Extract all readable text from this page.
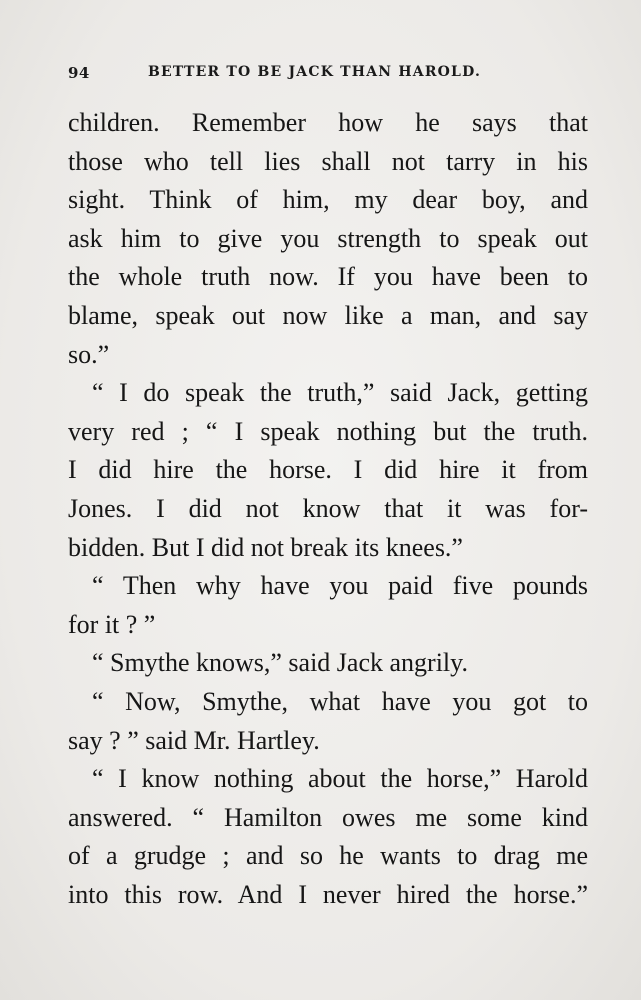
94	BETTER TO BE JACK THAN HAROLD.
children. Remember how he says that
those who tell lies shall not tarry in his
sight. Think of him, my dear boy, and
ask him to give you strength to speak out
the whole truth now. If you have been to
blame, speak out now like a man, and say
so.”
“ I do speak the truth,” said Jack, getting
very red ; “ I speak nothing but the truth.
I did hire the horse. I did hire it from
Jones. I did not know that it was for-
bidden. But I did not break its knees.”
“ Then why have you paid five pounds
for it ? ”
“ Smythe knows,” said Jack angrily.
“ Now, Smythe, what have you got to
say ? ” said Mr. Hartley.
“ I know nothing about the horse,” Harold
answered. “ Hamilton owes me some kind
of a grudge ; and so he wants to drag me
into this row. And I never hired the horse.”
